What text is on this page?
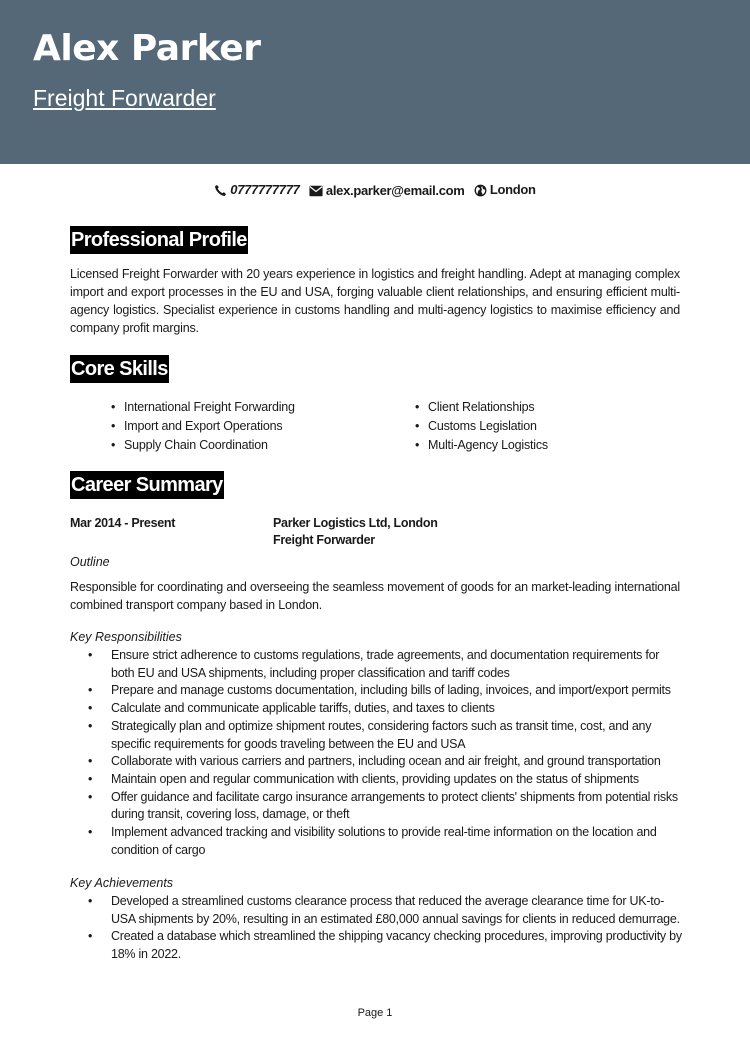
Alex Parker
Freight Forwarder
0777777777
alex.parker@email.com
London
Professional Profile

Licensed Freight Forwarder with 20 years experience in logistics and freight handling. Adept at managing complex import and export processes in the EU and USA, forging valuable client relationships, and ensuring efficient multi-agency logistics. Specialist experience in customs handling and multi-agency logistics to maximise efficiency and company profit margins.

Core Skills
• International Freight Forwarding
• Import and Export Operations
• Supply Chain Coordination
• Client Relationships
• Customs Legislation
• Multi-Agency Logistics
Career Summary
Mar 2014 - Present	Parker Logistics Ltd, London
Freight Forwarder
Outline

Responsible for coordinating and overseeing the seamless movement of goods for an market-leading international combined transport company based in London.

Key Responsibilities
• Ensure strict adherence to customs regulations, trade agreements, and documentation requirements for both EU and USA shipments, including proper classification and tariff codes
• Prepare and manage customs documentation, including bills of lading, invoices, and import/export permits
• Calculate and communicate applicable tariffs, duties, and taxes to clients
• Strategically plan and optimize shipment routes, considering factors such as transit time, cost, and any specific requirements for goods traveling between the EU and USA
• Collaborate with various carriers and partners, including ocean and air freight, and ground transportation
• Maintain open and regular communication with clients, providing updates on the status of shipments
• Offer guidance and facilitate cargo insurance arrangements to protect clients' shipments from potential risks during transit, covering loss, damage, or theft
• Implement advanced tracking and visibility solutions to provide real-time information on the location and condition of cargo
Key Achievements
• Developed a streamlined customs clearance process that reduced the average clearance time for UK-to-USA shipments by 20%, resulting in an estimated £80,000 annual savings for clients in reduced demurrage.
• Created a database which streamlined the shipping vacancy checking procedures, improving productivity by 18% in 2022.
Page 1
